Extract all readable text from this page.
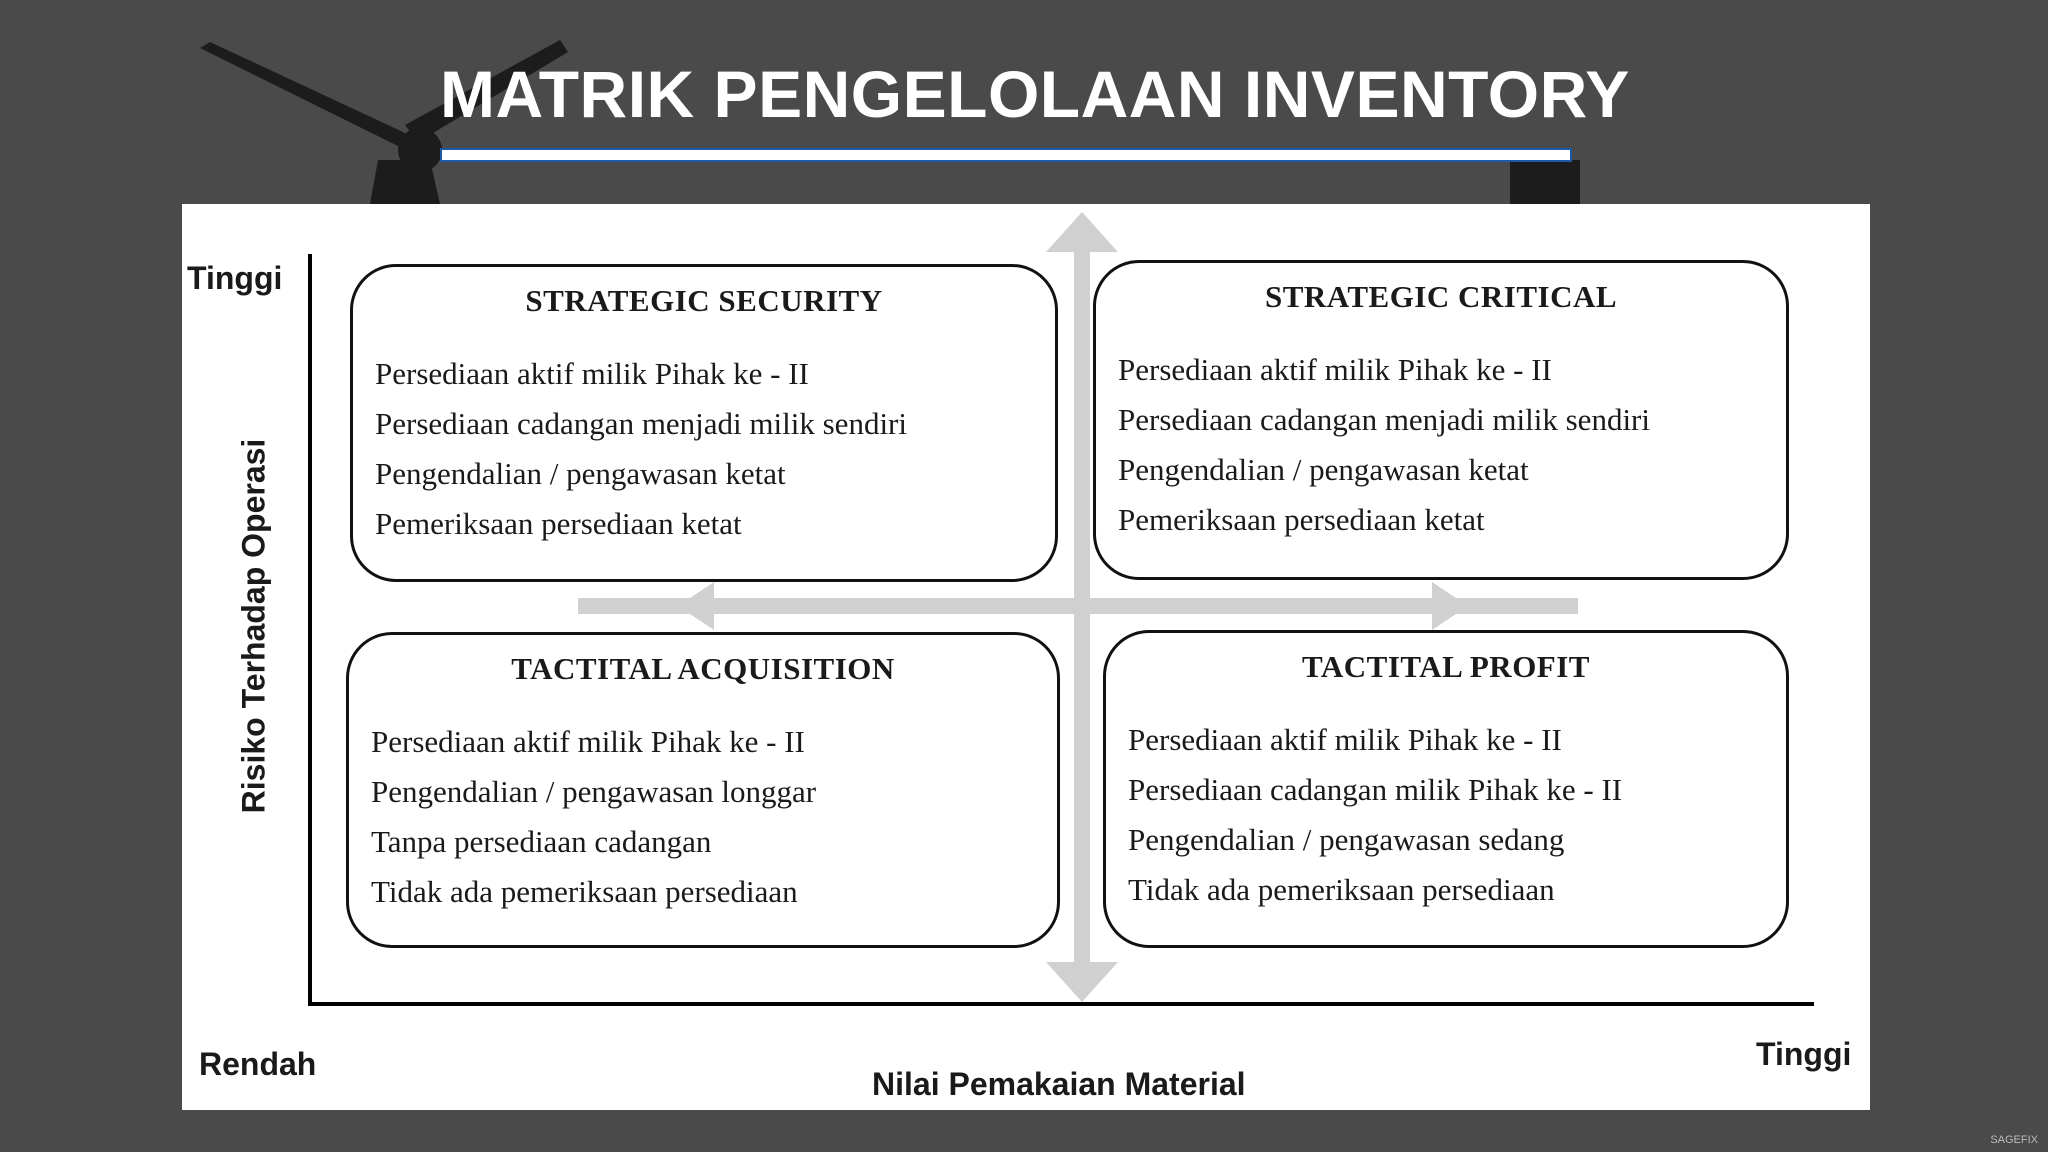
MATRIK PENGELOLAAN INVENTORY
Tinggi
Rendah	Tinggi
Nilai Pemakaian Material
Risiko Terhadap Operasi
STRATEGIC SECURITY
Persediaan aktif milik Pihak ke - II
Persediaan cadangan menjadi milik sendiri
Pengendalian / pengawasan ketat
Pemeriksaan persediaan ketat
STRATEGIC CRITICAL
Persediaan aktif milik Pihak ke - II
Persediaan cadangan menjadi milik sendiri
Pengendalian / pengawasan ketat
Pemeriksaan persediaan ketat
TACTITAL ACQUISITION
Persediaan aktif milik Pihak ke - II
Pengendalian / pengawasan longgar
Tanpa persediaan cadangan
Tidak ada pemeriksaan persediaan
TACTITAL PROFIT
Persediaan aktif milik Pihak ke - II
Persediaan cadangan milik Pihak ke - II
Pengendalian / pengawasan sedang
Tidak ada pemeriksaan persediaan
SAGEFIX
